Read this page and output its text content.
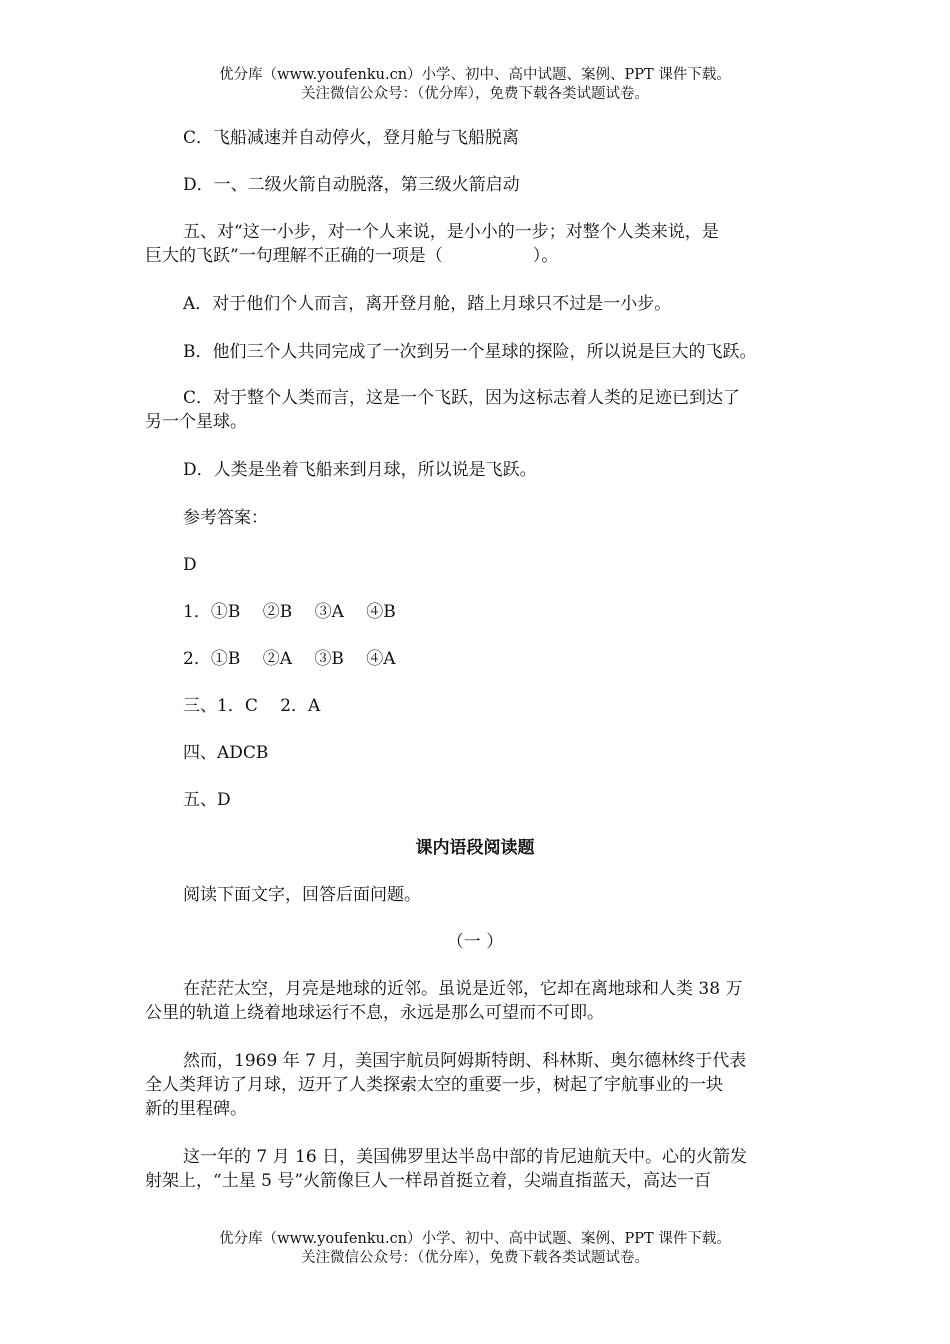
优分库（www.youfenku.cn）小学、初中、高中试题、案例、PPT 课件下载。
关注微信公众号：（优分库），免费下载各类试题试卷。
C．飞船减速并自动停火，登月舱与飞船脱离
D．一、二级火箭自动脱落，第三级火箭启动
五、对“这一小步，对一个人来说，是小小的一步；对整个人类来说，是
巨大的飞跃”一句理解不正确的一项是（	）。
A．对于他们个人而言，离开登月舱，踏上月球只不过是一小步。
B．他们三个人共同完成了一次到另一个星球的探险，所以说是巨大的飞跃。
C．对于整个人类而言，这是一个飞跃，因为这标志着人类的足迹已到达了
另一个星球。
D．人类是坐着飞船来到月球，所以说是飞跃。
参考答案：
D
1．①B　 ②B　 ③A　 ④B
2．①B　 ②A　 ③B　 ④A
三、1．C　 2．A
四、ADCB
五、D
课内语段阅读题
阅读下面文字，回答后面问题。
（一 ）
在茫茫太空，月亮是地球的近邻。虽说是近邻，它却在离地球和人类 38 万
公里的轨道上绕着地球运行不息，永远是那么可望而不可即。
然而，1969 年 7 月，美国宇航员阿姆斯特朗、科林斯、奥尔德林终于代表
全人类拜访了月球，迈开了人类探索太空的重要一步，树起了宇航事业的一块
新的里程碑。
这一年的 7 月 16 日，美国佛罗里达半岛中部的肯尼迪航天中。心的火箭发
射架上，“土星 5 号”火箭像巨人一样昂首挺立着，尖端直指蓝天，高达一百
优分库（www.youfenku.cn）小学、初中、高中试题、案例、PPT 课件下载。
关注微信公众号：（优分库），免费下载各类试题试卷。
